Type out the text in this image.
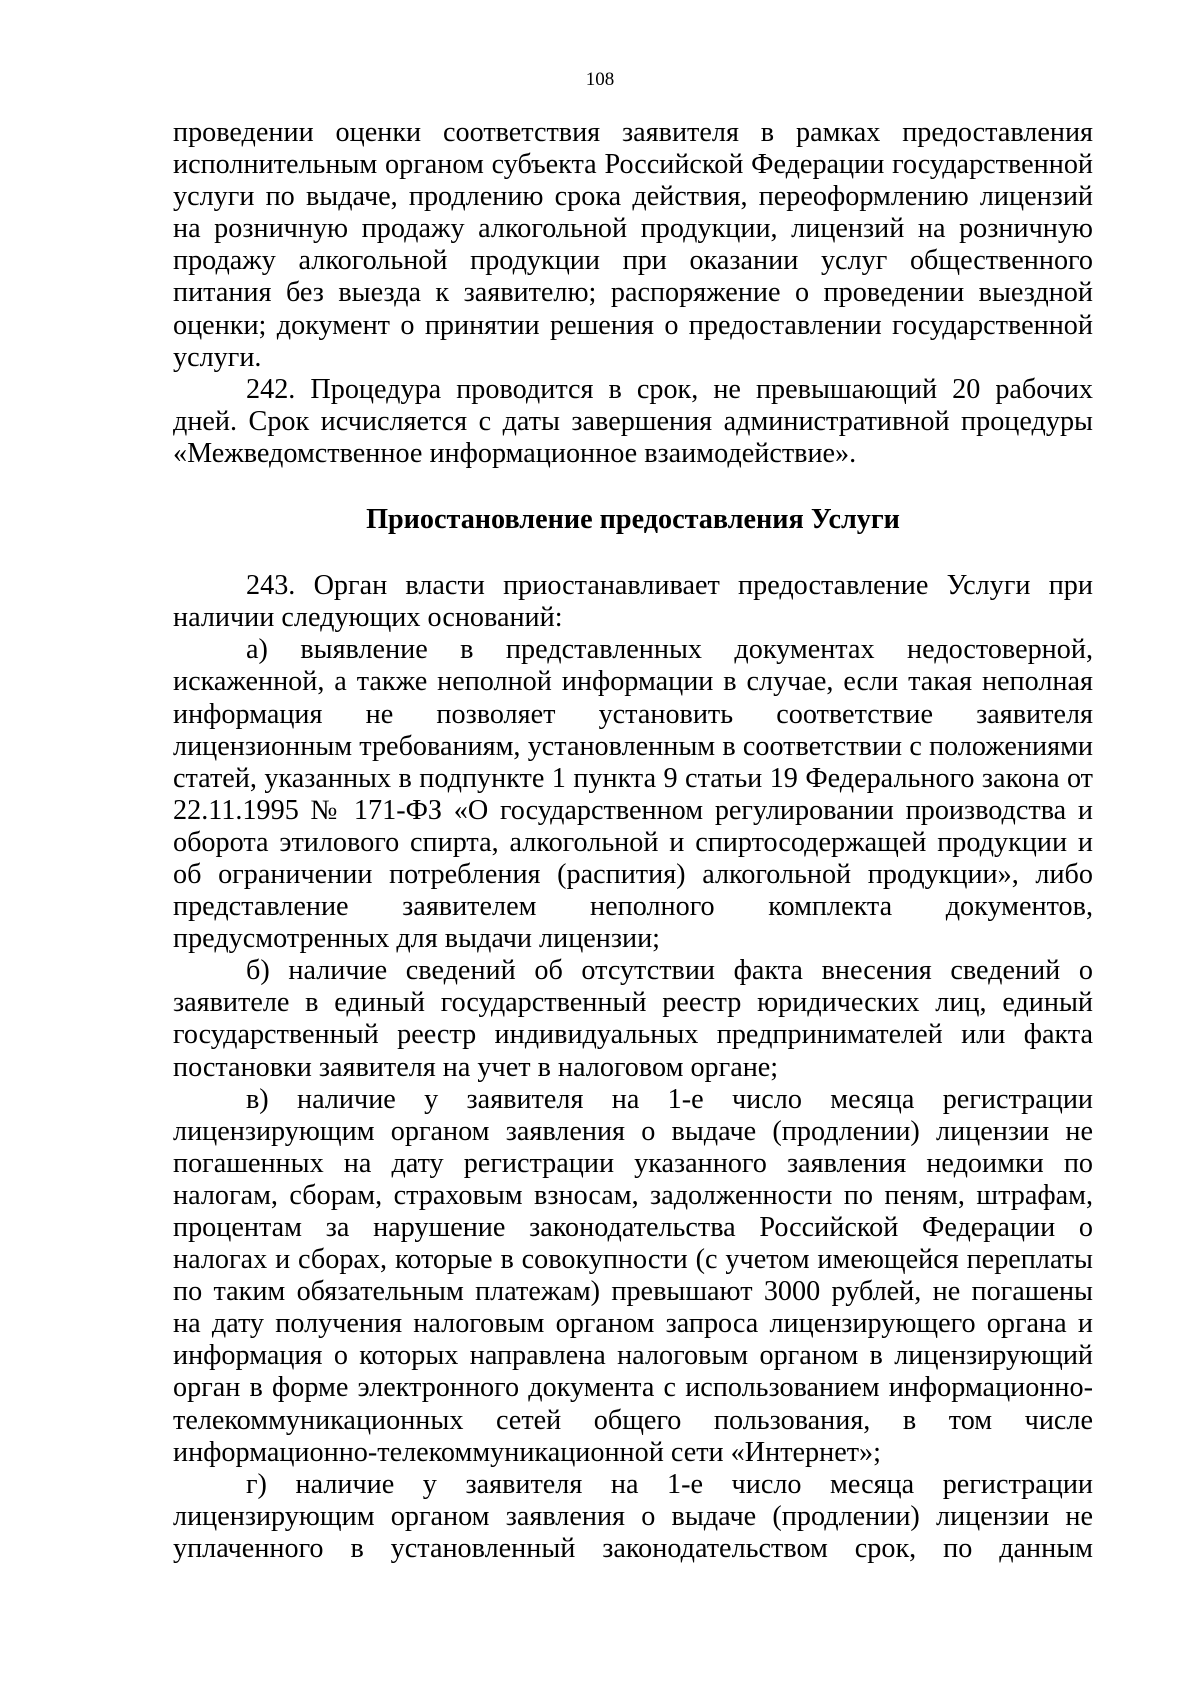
108

проведении оценки соответствия заявителя в рамках предоставления исполнительным органом субъекта Российской Федерации государственной услуги по выдаче, продлению срока действия, переоформлению лицензий на розничную продажу алкогольной продукции, лицензий на розничную продажу алкогольной продукции при оказании услуг общественного питания без выезда к заявителю; распоряжение о проведении выездной оценки; документ о принятии решения о предоставлении государственной услуги.

242. Процедура проводится в срок, не превышающий 20 рабочих дней. Срок исчисляется с даты завершения административной процедуры «Межведомственное информационное взаимодействие».

Приостановление предоставления Услуги

243. Орган власти приостанавливает предоставление Услуги при наличии следующих оснований:

а) выявление в представленных документах недостоверной, искаженной, а также неполной информации в случае, если такая неполная информация не позволяет установить соответствие заявителя лицензионным требованиям, установленным в соответствии с положениями статей, указанных в подпункте 1 пункта 9 статьи 19 Федерального закона от 22.11.1995 № 171-ФЗ «О государственном регулировании производства и оборота этилового спирта, алкогольной и спиртосодержащей продукции и об ограничении потребления (распития) алкогольной продукции», либо представление заявителем неполного комплекта документов, предусмотренных для выдачи лицензии;

б) наличие сведений об отсутствии факта внесения сведений о заявителе в единый государственный реестр юридических лиц, единый государственный реестр индивидуальных предпринимателей или факта постановки заявителя на учет в налоговом органе;

в) наличие у заявителя на 1-е число месяца регистрации лицензирующим органом заявления о выдаче (продлении) лицензии не погашенных на дату регистрации указанного заявления недоимки по налогам, сборам, страховым взносам, задолженности по пеням, штрафам, процентам за нарушение законодательства Российской Федерации о налогах и сборах, которые в совокупности (с учетом имеющейся переплаты по таким обязательным платежам) превышают 3000 рублей, не погашены на дату получения налоговым органом запроса лицензирующего органа и информация о которых направлена налоговым органом в лицензирующий орган в форме электронного документа с использованием информационно-телекоммуникационных сетей общего пользования, в том числе информационно-телекоммуникационной сети «Интернет»;

г) наличие у заявителя на 1-е число месяца регистрации лицензирующим органом заявления о выдаче (продлении) лицензии не уплаченного в установленный законодательством срок, по данным
